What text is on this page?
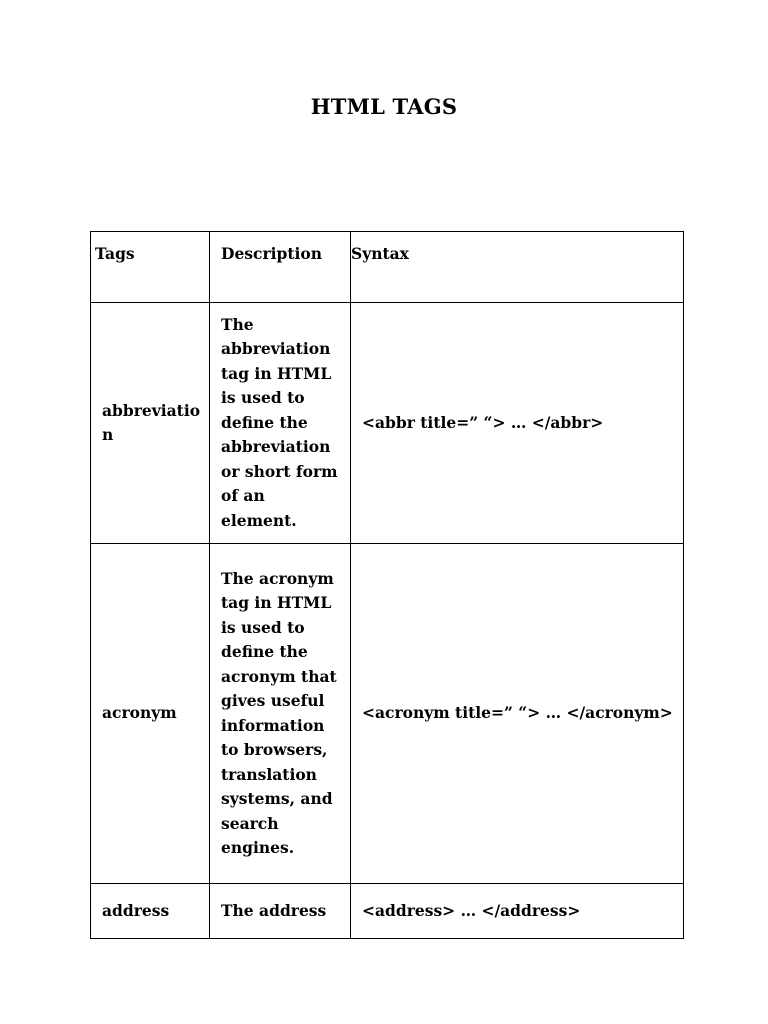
HTML TAGS
Tags	Description	Syntax
abbreviation	The abbreviation tag in HTML is used to define the abbreviation or short form of an element.	<abbr title=” “> … </abbr>
acronym	The acronym tag in HTML is used to define the acronym that gives useful information to browsers, translation systems, and search engines.	<acronym title=” “> … </acronym>
address	The address	<address> … </address>
